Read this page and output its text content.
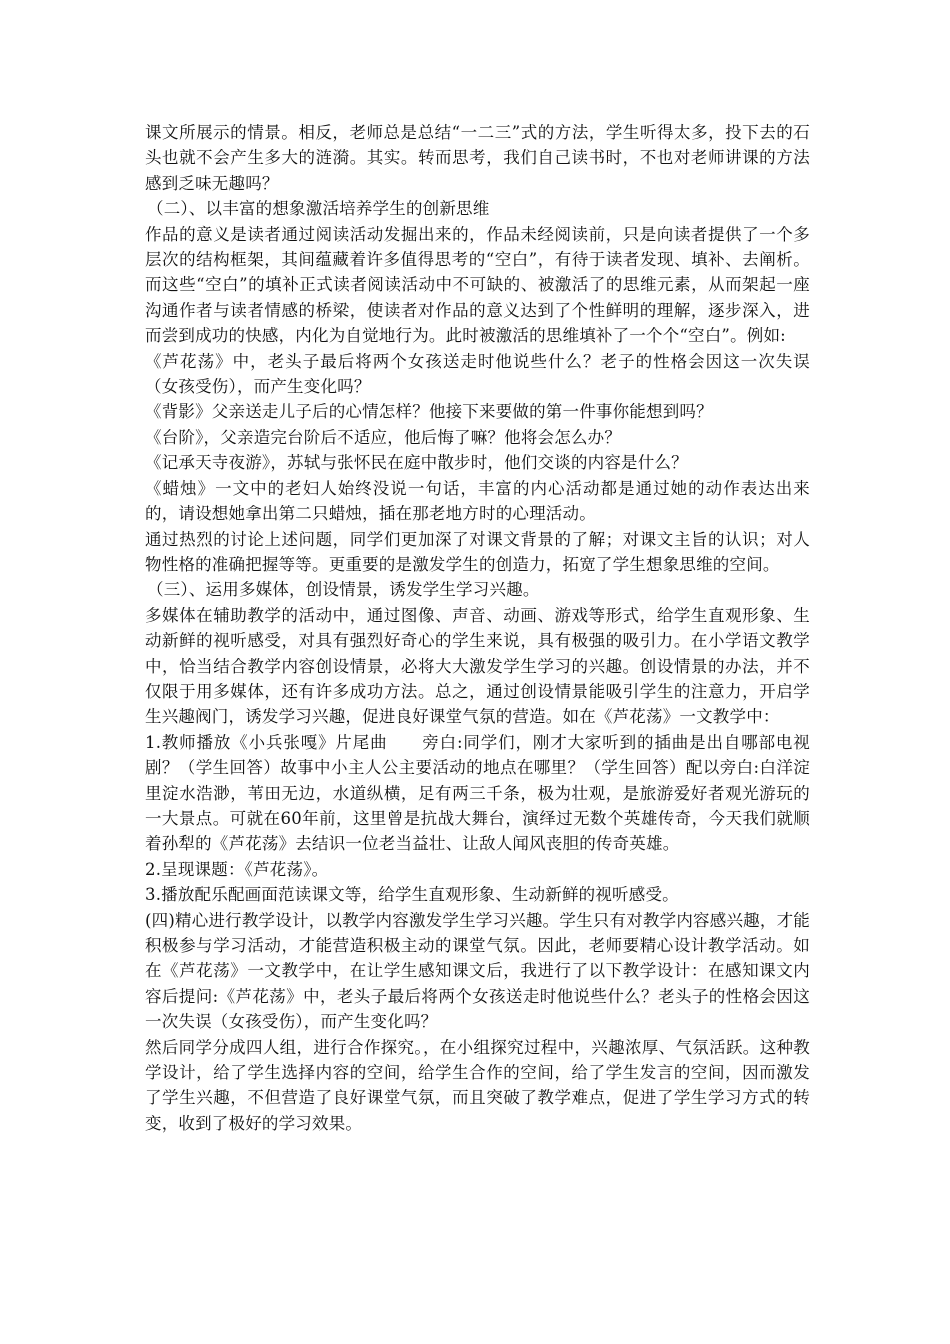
课文所展示的情景。相反，老师总是总结“一二三”式的方法，学生听得太多，投下去的石头也就不会产生多大的涟漪。其实。转而思考，我们自己读书时，不也对老师讲课的方法感到乏味无趣吗？

（二）、以丰富的想象激活培养学生的创新思维

作品的意义是读者通过阅读活动发掘出来的，作品未经阅读前，只是向读者提供了一个多层次的结构框架，其间蕴藏着许多值得思考的“空白”，有待于读者发现、填补、去阐析。而这些“空白”的填补正式读者阅读活动中不可缺的、被激活了的思维元素，从而架起一座沟通作者与读者情感的桥梁，使读者对作品的意义达到了个性鲜明的理解，逐步深入，进而尝到成功的快感，内化为自觉地行为。此时被激活的思维填补了一个个“空白”。例如:

《芦花荡》中，老头子最后将两个女孩送走时他说些什么？老子的性格会因这一次失误（女孩受伤），而产生变化吗？

《背影》父亲送走儿子后的心情怎样？他接下来要做的第一件事你能想到吗？

《台阶》，父亲造完台阶后不适应，他后悔了嘛？他将会怎么办？

《记承天寺夜游》，苏轼与张怀民在庭中散步时，他们交谈的内容是什么？

《蜡烛》一文中的老妇人始终没说一句话，丰富的内心活动都是通过她的动作表达出来的，请设想她拿出第二只蜡烛，插在那老地方时的心理活动。

通过热烈的讨论上述问题，同学们更加深了对课文背景的了解；对课文主旨的认识；对人物性格的准确把握等等。更重要的是激发学生的创造力，拓宽了学生想象思维的空间。

（三）、运用多媒体，创设情景，诱发学生学习兴趣。

多媒体在辅助教学的活动中，通过图像、声音、动画、游戏等形式，给学生直观形象、生动新鲜的视听感受，对具有强烈好奇心的学生来说，具有极强的吸引力。在小学语文教学中，恰当结合教学内容创设情景，必将大大激发学生学习的兴趣。创设情景的办法，并不仅限于用多媒体，还有许多成功方法。总之，通过创设情景能吸引学生的注意力，开启学生兴趣阀门，诱发学习兴趣，促进良好课堂气氛的营造。如在《芦花荡》一文教学中：

1.教师播放《小兵张嘎》片尾曲　　旁白:同学们，刚才大家听到的插曲是出自哪部电视剧？（学生回答）故事中小主人公主要活动的地点在哪里？（学生回答）配以旁白:白洋淀里淀水浩渺，苇田无边，水道纵横，足有两三千条，极为壮观，是旅游爱好者观光游玩的一大景点。可就在60年前，这里曾是抗战大舞台，演绎过无数个英雄传奇，今天我们就顺着孙犁的《芦花荡》去结识一位老当益壮、让敌人闻风丧胆的传奇英雄。

2.呈现课题：《芦花荡》。

3.播放配乐配画面范读课文等，给学生直观形象、生动新鲜的视听感受。

(四)精心进行教学设计，以教学内容激发学生学习兴趣。学生只有对教学内容感兴趣，才能积极参与学习活动，才能营造积极主动的课堂气氛。因此，老师要精心设计教学活动。如在《芦花荡》一文教学中，在让学生感知课文后，我进行了以下教学设计：在感知课文内容后提问:《芦花荡》中，老头子最后将两个女孩送走时他说些什么？老头子的性格会因这一次失误（女孩受伤），而产生变化吗？

然后同学分成四人组，进行合作探究。，在小组探究过程中，兴趣浓厚、气氛活跃。这种教学设计，给了学生选择内容的空间，给学生合作的空间，给了学生发言的空间，因而激发了学生兴趣，不但营造了良好课堂气氛，而且突破了教学难点，促进了学生学习方式的转变，收到了极好的学习效果。
